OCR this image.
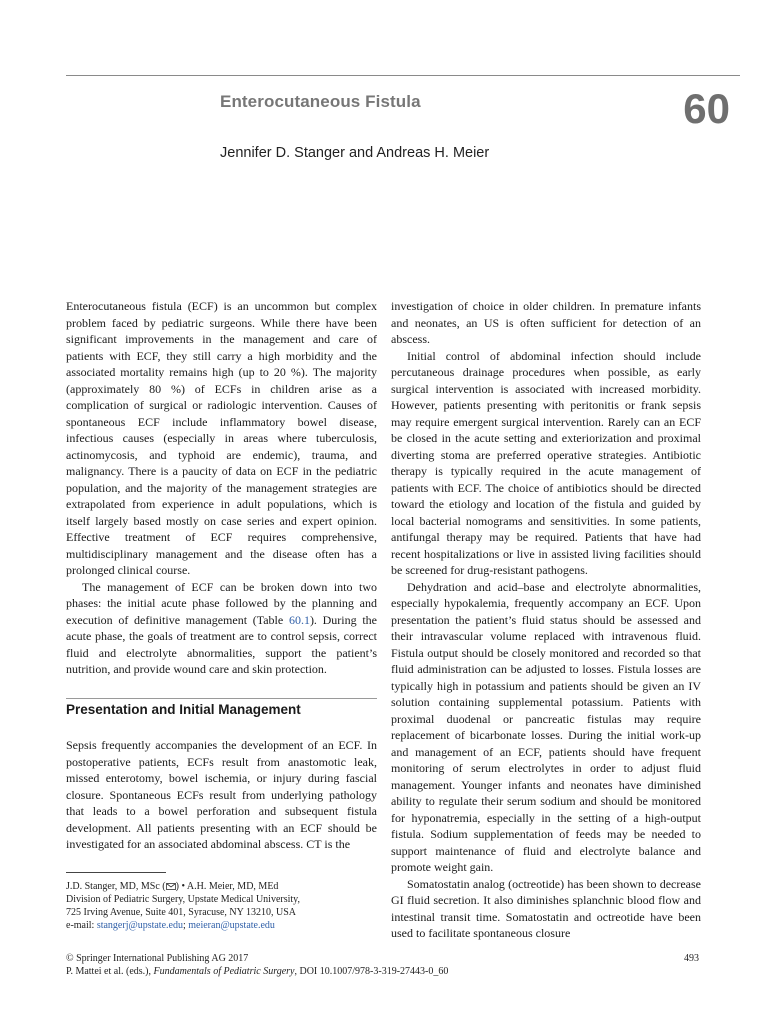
Enterocutaneous Fistula	60
Jennifer D. Stanger and Andreas H. Meier

Enterocutaneous fistula (ECF) is an uncommon but complex problem faced by pediatric surgeons. While there have been significant improvements in the management and care of patients with ECF, they still carry a high morbidity and the associated mortality remains high (up to 20 %). The majority (approximately 80 %) of ECFs in children arise as a complication of surgical or radiologic intervention. Causes of spontaneous ECF include inflammatory bowel disease, infectious causes (especially in areas where tuberculosis, actinomycosis, and typhoid are endemic), trauma, and malignancy. There is a paucity of data on ECF in the pediatric population, and the majority of the management strategies are extrapolated from experience in adult populations, which is itself largely based mostly on case series and expert opinion. Effective treatment of ECF requires comprehensive, multidisciplinary management and the disease often has a prolonged clinical course.

The management of ECF can be broken down into two phases: the initial acute phase followed by the planning and execution of definitive management (Table 60.1). During the acute phase, the goals of treatment are to control sepsis, correct fluid and electrolyte abnormalities, support the patient’s nutrition, and provide wound care and skin protection.

Presentation and Initial Management

Sepsis frequently accompanies the development of an ECF. In postoperative patients, ECFs result from anastomotic leak, missed enterotomy, bowel ischemia, or injury during fascial closure. Spontaneous ECFs result from underlying pathology that leads to a bowel perforation and subsequent fistula development. All patients presenting with an ECF should be investigated for an associated abdominal abscess. CT is the

investigation of choice in older children. In premature infants and neonates, an US is often sufficient for detection of an abscess.

Initial control of abdominal infection should include percutaneous drainage procedures when possible, as early surgical intervention is associated with increased morbidity. However, patients presenting with peritonitis or frank sepsis may require emergent surgical intervention. Rarely can an ECF be closed in the acute setting and exteriorization and proximal diverting stoma are preferred operative strategies. Antibiotic therapy is typically required in the acute management of patients with ECF. The choice of antibiotics should be directed toward the etiology and location of the fistula and guided by local bacterial nomograms and sensitivities. In some patients, antifungal therapy may be required. Patients that have had recent hospitalizations or live in assisted living facilities should be screened for drug-resistant pathogens.

Dehydration and acid–base and electrolyte abnormalities, especially hypokalemia, frequently accompany an ECF. Upon presentation the patient’s fluid status should be assessed and their intravascular volume replaced with intravenous fluid. Fistula output should be closely monitored and recorded so that fluid administration can be adjusted to losses. Fistula losses are typically high in potassium and patients should be given an IV solution containing supplemental potassium. Patients with proximal duodenal or pancreatic fistulas may require replacement of bicarbonate losses. During the initial work-up and management of an ECF, patients should have frequent monitoring of serum electrolytes in order to adjust fluid management. Younger infants and neonates have diminished ability to regulate their serum sodium and should be monitored for hyponatremia, especially in the setting of a high-output fistula. Sodium supplementation of feeds may be needed to support maintenance of fluid and electrolyte balance and promote weight gain.

Somatostatin analog (octreotide) has been shown to decrease GI fluid secretion. It also diminishes splanchnic blood flow and intestinal transit time. Somatostatin and octreotide have been used to facilitate spontaneous closure

J.D. Stanger, MD, MSc ( ) • A.H. Meier, MD, MEd
Division of Pediatric Surgery, Upstate Medical University,
725 Irving Avenue, Suite 401, Syracuse, NY 13210, USA
e-mail: stangerj@upstate.edu; meieran@upstate.edu
© Springer International Publishing AG 2017
P. Mattei et al. (eds.), Fundamentals of Pediatric Surgery, DOI 10.1007/978-3-319-27443-0_60
493
